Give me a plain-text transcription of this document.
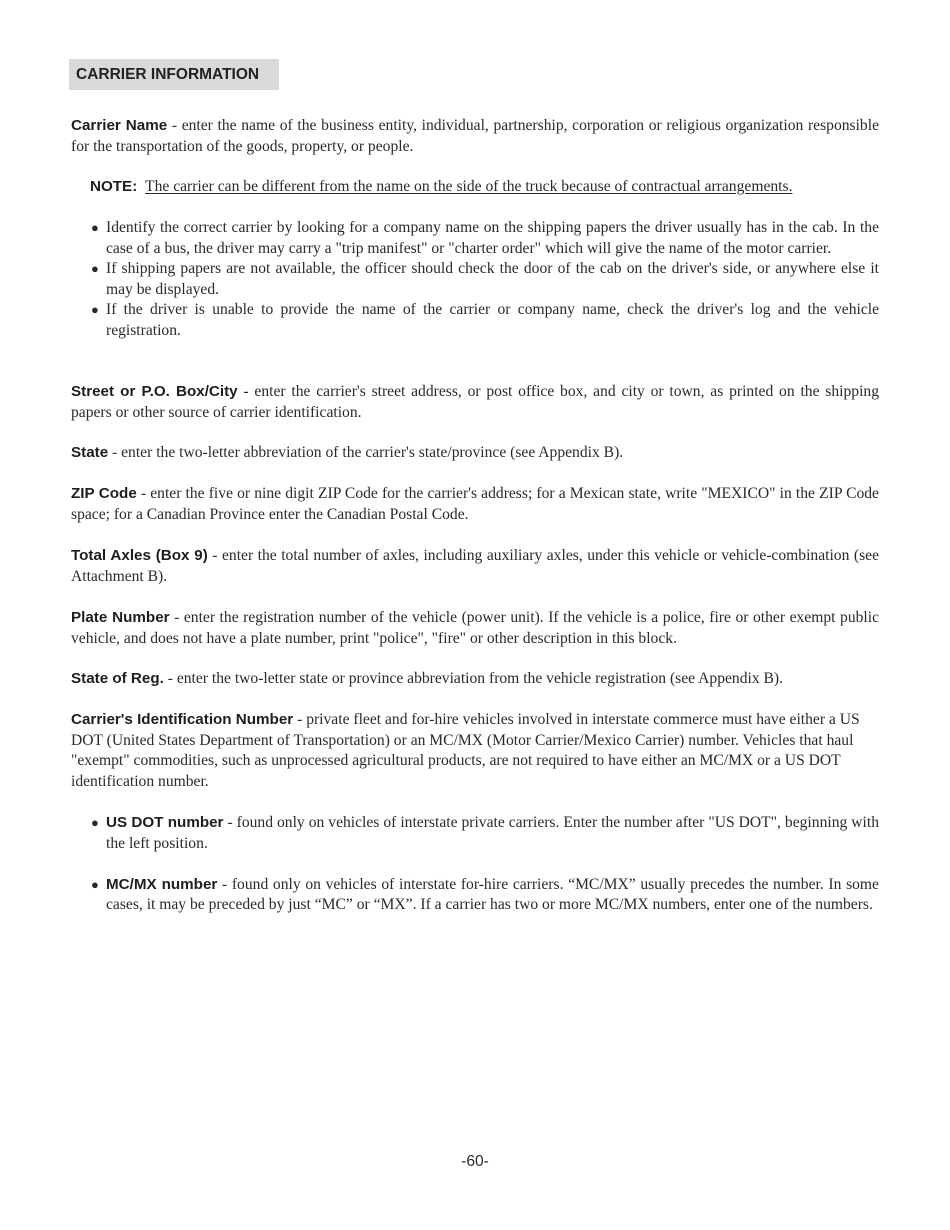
CARRIER INFORMATION

Carrier Name - enter the name of the business entity, individual, partnership, corporation or religious organization responsible for the transportation of the goods, property, or people.

NOTE: The carrier can be different from the name on the side of the truck because of contractual arrangements.

● Identify the correct carrier by looking for a company name on the shipping papers the driver usually has in the cab. In the case of a bus, the driver may carry a "trip manifest" or "charter order" which will give the name of the motor carrier.
● If shipping papers are not available, the officer should check the door of the cab on the driver's side, or anywhere else it may be displayed.
● If the driver is unable to provide the name of the carrier or company name, check the driver's log and the vehicle registration.

Street or P.O. Box/City - enter the carrier's street address, or post office box, and city or town, as printed on the shipping papers or other source of carrier identification.

State - enter the two-letter abbreviation of the carrier's state/province (see Appendix B).

ZIP Code - enter the five or nine digit ZIP Code for the carrier's address; for a Mexican state, write "MEXICO" in the ZIP Code space; for a Canadian Province enter the Canadian Postal Code.

Total Axles (Box 9) - enter the total number of axles, including auxiliary axles, under this vehicle or vehicle-combination (see Attachment B).

Plate Number - enter the registration number of the vehicle (power unit). If the vehicle is a police, fire or other exempt public vehicle, and does not have a plate number, print "police", "fire" or other description in this block.

State of Reg. - enter the two-letter state or province abbreviation from the vehicle registration (see Appendix B).

Carrier's Identification Number - private fleet and for-hire vehicles involved in interstate commerce must have either a US DOT (United States Department of Transportation) or an MC/MX (Motor Carrier/Mexico Carrier) number. Vehicles that haul "exempt" commodities, such as unprocessed agricultural products, are not required to have either an MC/MX or a US DOT identification number.

● US DOT number - found only on vehicles of interstate private carriers. Enter the number after "US DOT", beginning with the left position.
● MC/MX number - found only on vehicles of interstate for-hire carriers. “MC/MX” usually precedes the number. In some cases, it may be preceded by just “MC” or “MX”. If a carrier has two or more MC/MX numbers, enter one of the numbers.
-60-
